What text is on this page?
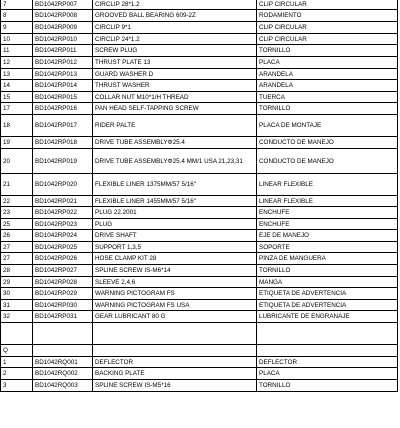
7	BD1042RP007	CIRCLIP 28*1.2	CLIP CIRCULAR
8	BD1042RP008	GROOVED BALL BEARING 609-2Z	RODAMIENTO
9	BD1042RP009	CIRCLIP 9*1	CLIP CIRCULAR
10	BD1042RP010	CIRCLIP 24*1.2	CLIP CIRCULAR
11	BD1042RP011	SCREW PLUG	TORNILLO
12	BD1042RP012	THRUST PLATE 13	PLACA
13	BD1042RP013	GUARD WASHER D	ARANDELA
14	BD1042RP014	THRUST WASHER	ARANDELA
15	BD1042RP015	COLLAR NUT M10*1/H THREAD	TUERCA
17	BD1042RP016	PAN HEAD SELF-TAPPING SCREW	TORNILLO
18	BD1042RP017	RIDER PALTE	PLACA DE MONTAJE
19	BD1042RP018	DRIVE TUBE ASSEMBLYΦ25.4	CONDUCTO DE MANEJO
20	BD1042RP019	DRIVE TUBE ASSEMBLYΦ25.4 MM/1 USA 21,23,31	CONDUCTO DE MANEJO
21	BD1042RP020	FLEXIBLE LINER 1375MM/57 5/16"	LINEAR FLEXIBLE
22	BD1042RP021	FLEXIBLE LINER 1455MM/57 5/16"	LINEAR FLEXIBLE
23	BD1042RP022	PLUG 22.2001	ENCHUFE
25	BD1042RP023	PLUG	ENCHUFE
26	BD1042RP024	DRIVE SHAFT	EJE DE MANEJO
27	BD1042RP025	SUPPORT 1,3,5	SOPORTE
27	BD1042RP026	HOSE CLAMP KIT 28	PINZA DE MANGUERA
28	BD1042RP027	SPLINE SCREW IS-M6*14	TORNILLO
29	BD1042RP028	SLEEVE 2,4,6	MANGA
30	BD1042RP029	WARNING PICTOGRAM FS	ETIQUETA DE ADVERTENCIA
31	BD1042RP030	WARNING PICTOGRAM FS USA	ETIQUETA DE ADVERTENCIA
32	BD1042RP031	GEAR LUBRICANT 80 G	LUBRICANTE DE ENGRANAJE

Q			
1	BD1042RQ001	DEFLECTOR	DEFLECTOR
2	BD1042RQ002	BACKING PLATE	PLACA
3	BD1042RQ003	SPLINE SCREW IS-M5*16	TORNILLO
